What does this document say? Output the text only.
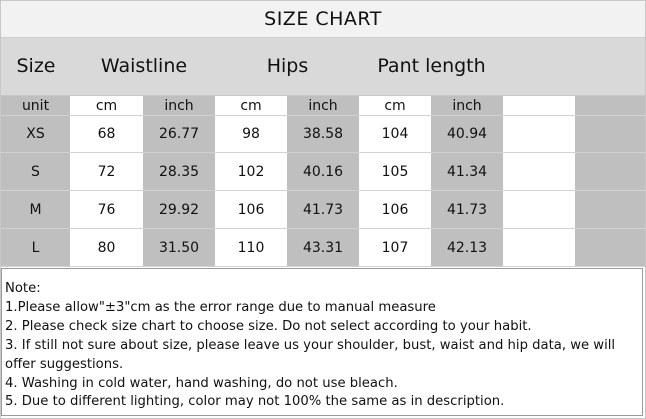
SIZE CHART
Size	Waistline	Hips	Pant length
unit	cm	inch	cm	inch	cm	inch
XS	68	26.77	98	38.58	104	40.94
S	72	28.35	102	40.16	105	41.34
M	76	29.92	106	41.73	106	41.73
L	80	31.50	110	43.31	107	42.13
Note:
1.Please allow"±3"cm as the error range due to manual measure
2. Please check size chart to choose size. Do not select according to your habit.
3. If still not sure about size, please leave us your shoulder, bust, waist and hip data, we will offer suggestions.
4. Washing in cold water, hand washing, do not use bleach.
5. Due to different lighting, color may not 100% the same as in description.
